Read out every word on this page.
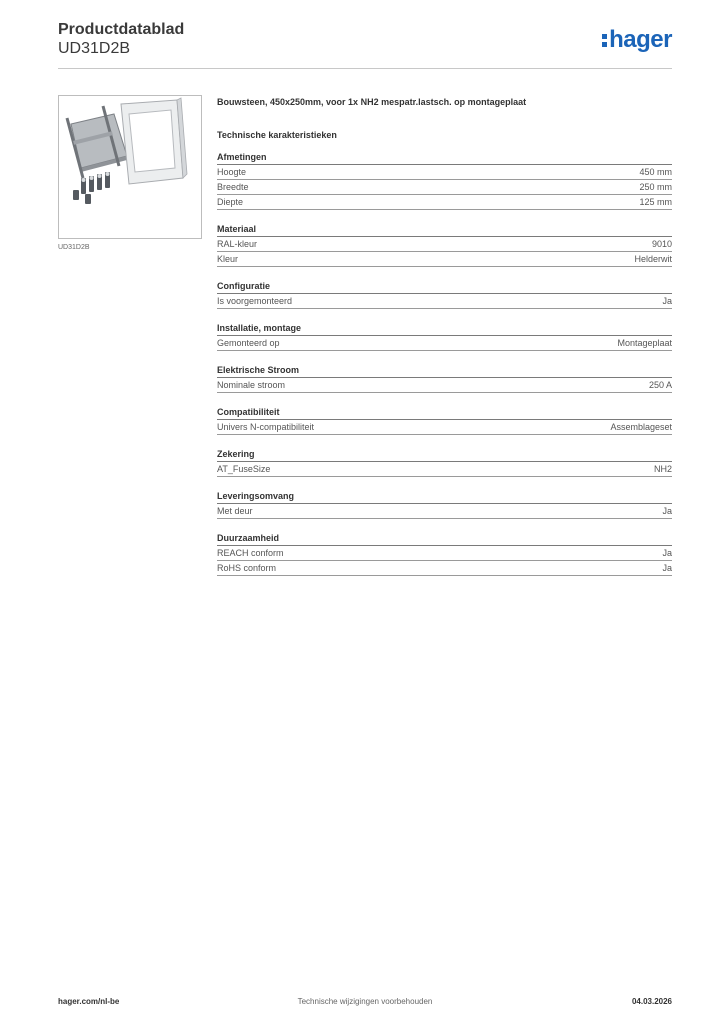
Productdatablad
UD31D2B	hager
UD31D2B
Bouwsteen, 450x250mm, voor 1x NH2 mespatr.lastsch. op montageplaat
Technische karakteristieken
Afmetingen
Hoogte	450 mm
Breedte	250 mm
Diepte	125 mm
Materiaal
RAL-kleur	9010
Kleur	Helderwit
Configuratie
Is voorgemonteerd	Ja
Installatie, montage
Gemonteerd op	Montageplaat
Elektrische Stroom
Nominale stroom	250 A
Compatibiliteit
Univers N-compatibiliteit	Assemblageset
Zekering
AT_FuseSize	NH2
Leveringsomvang
Met deur	Ja
Duurzaamheid
REACH conform	Ja
RoHS conform	Ja
hager.com/nl-be	Technische wijzigingen voorbehouden	04.03.2026
